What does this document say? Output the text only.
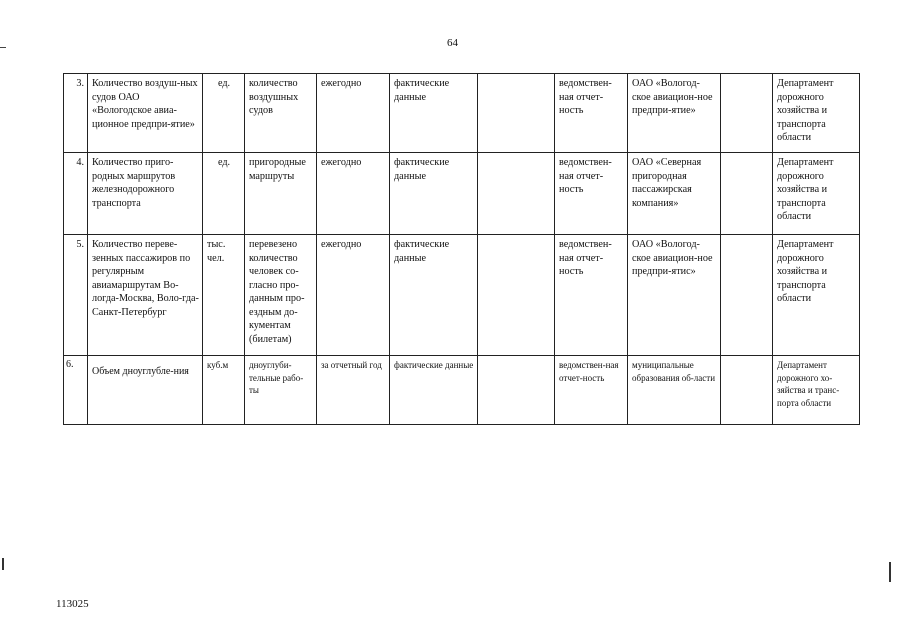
64
3.	Количество воздуш-ных судов ОАО «Вологодское авиа-ционное предпри-ятие»	ед.	количество воздушных судов	ежегодно	фактические данные		ведомствен-ная отчет-ность	ОАО «Вологод-ское авиацион-ное предпри-ятие»		Департамент дорожного хозяйства и транспорта области
4.	Количество приго-родных маршрутов железнодорожного транспорта	ед.	пригородные маршруты	ежегодно	фактические данные		ведомствен-ная отчет-ность	ОАО «Северная пригородная пассажирская компания»		Департамент дорожного хозяйства и транспорта области
5.	Количество переве-зенных пассажиров по регулярным авиамаршрутам Во-логда-Москва, Воло-гда-Санкт-Петербург	тыс. чел.	перевезено количество человек со-гласно про-данным про-ездным до-кументам (билетам)	ежегодно	фактические данные		ведомствен-ная отчет-ность	ОАО «Вологод-ское авиацион-ное предпри-ятис»		Департамент дорожного хозяйства и транспорта области
6.	Объем дноуглубле-ния	куб.м	дноуглуби-тельные рабо-ты	за отчетный год	фактические данные		ведомствен-ная отчет-ность	муниципальные образования об-ласти		Департамент дорожного хо-зяйства и транс-порта области
113025
